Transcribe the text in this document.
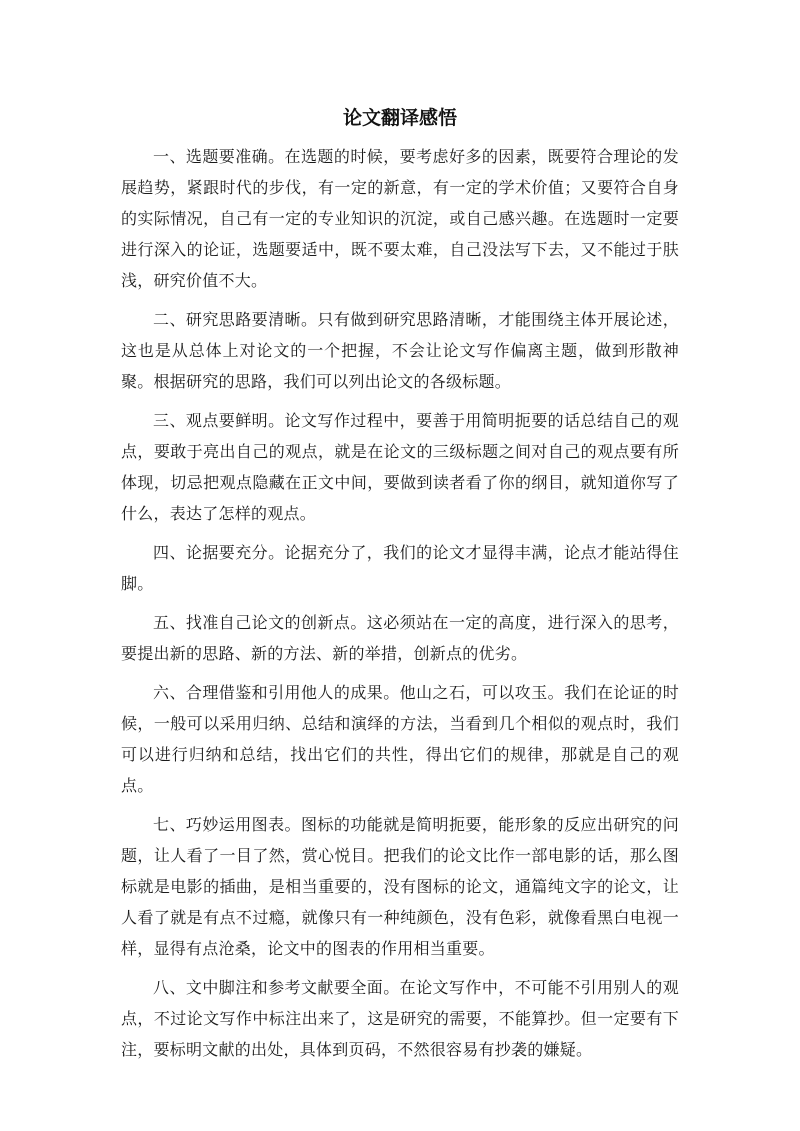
论文翻译感悟

一、选题要准确。在选题的时候，要考虑好多的因素，既要符合理论的发展趋势，紧跟时代的步伐，有一定的新意，有一定的学术价值；又要符合自身的实际情况，自己有一定的专业知识的沉淀，或自己感兴趣。在选题时一定要进行深入的论证，选题要适中，既不要太难，自己没法写下去，又不能过于肤浅，研究价值不大。

二、研究思路要清晰。只有做到研究思路清晰，才能围绕主体开展论述，这也是从总体上对论文的一个把握，不会让论文写作偏离主题，做到形散神聚。根据研究的思路，我们可以列出论文的各级标题。

三、观点要鲜明。论文写作过程中，要善于用简明扼要的话总结自己的观点，要敢于亮出自己的观点，就是在论文的三级标题之间对自己的观点要有所体现，切忌把观点隐藏在正文中间，要做到读者看了你的纲目，就知道你写了什么，表达了怎样的观点。

四、论据要充分。论据充分了，我们的论文才显得丰满，论点才能站得住脚。

五、找准自己论文的创新点。这必须站在一定的高度，进行深入的思考，要提出新的思路、新的方法、新的举措，创新点的优劣。

六、合理借鉴和引用他人的成果。他山之石，可以攻玉。我们在论证的时候，一般可以采用归纳、总结和演绎的方法，当看到几个相似的观点时，我们可以进行归纳和总结，找出它们的共性，得出它们的规律，那就是自己的观点。

七、巧妙运用图表。图标的功能就是简明扼要，能形象的反应出研究的问题，让人看了一目了然，赏心悦目。把我们的论文比作一部电影的话，那么图标就是电影的插曲，是相当重要的，没有图标的论文，通篇纯文字的论文，让人看了就是有点不过瘾，就像只有一种纯颜色，没有色彩，就像看黑白电视一样，显得有点沧桑，论文中的图表的作用相当重要。

八、文中脚注和参考文献要全面。在论文写作中，不可能不引用别人的观点，不过论文写作中标注出来了，这是研究的需要，不能算抄。但一定要有下注，要标明文献的出处，具体到页码，不然很容易有抄袭的嫌疑。
